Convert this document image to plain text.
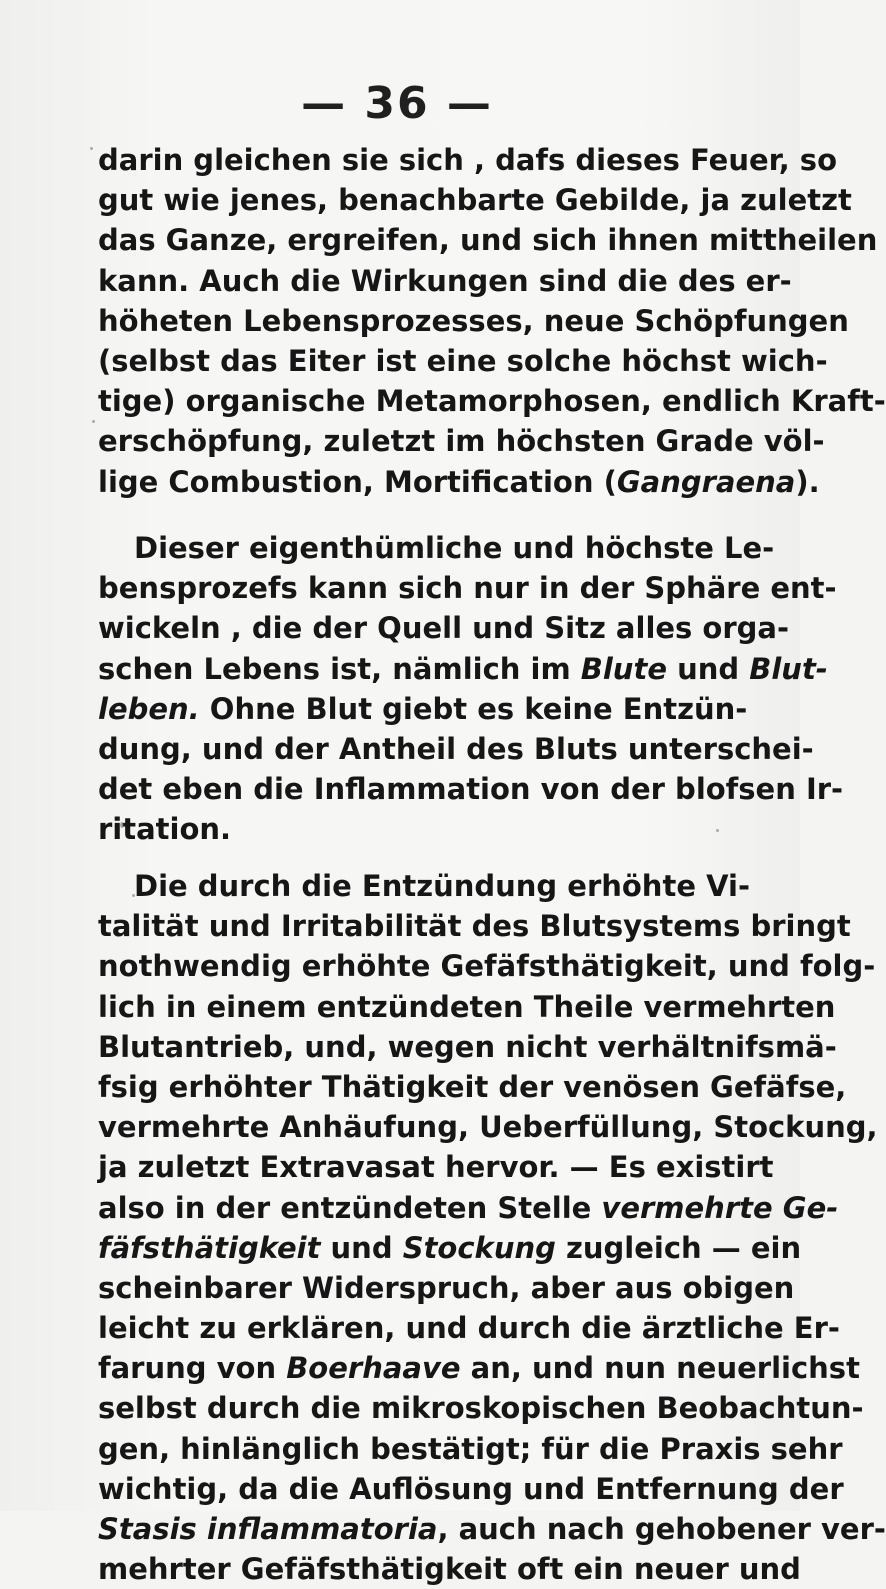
— 36 —
darin gleichen sie sich , dafs dieses Feuer, so
gut wie jenes, benachbarte Gebilde, ja zuletzt
das Ganze, ergreifen, und sich ihnen mittheilen
kann. Auch die Wirkungen sind die des er-
höheten Lebensprozesses, neue Schöpfungen
(selbst das Eiter ist eine solche höchst wich-
tige) organische Metamorphosen, endlich Kraft-
erschöpfung, zuletzt im höchsten Grade völ-
lige Combustion, Mortification (Gangraena).
Dieser eigenthümliche und höchste Le-
bensprozefs kann sich nur in der Sphäre ent-
wickeln , die der Quell und Sitz alles orga-
schen Lebens ist, nämlich im Blute und Blut-
leben. Ohne Blut giebt es keine Entzün-
dung, und der Antheil des Bluts unterschei-
det eben die Inflammation von der blofsen Ir-
ritation.
Die durch die Entzündung erhöhte Vi-
talität und Irritabilität des Blutsystems bringt
nothwendig erhöhte Gefäfsthätigkeit, und folg-
lich in einem entzündeten Theile vermehrten
Blutantrieb, und, wegen nicht verhältnifsmä-
fsig erhöhter Thätigkeit der venösen Gefäfse,
vermehrte Anhäufung, Ueberfüllung, Stockung,
ja zuletzt Extravasat hervor. — Es existirt
also in der entzündeten Stelle vermehrte Ge-
fäfsthätigkeit und Stockung zugleich — ein
scheinbarer Widerspruch, aber aus obigen
leicht zu erklären, und durch die ärztliche Er-
farung von Boerhaave an, und nun neuerlichst
selbst durch die mikroskopischen Beobachtun-
gen, hinlänglich bestätigt; für die Praxis sehr
wichtig, da die Auflösung und Entfernung der
Stasis inflammatoria, auch nach gehobener ver-
mehrter Gefäfsthätigkeit oft ein neuer und
